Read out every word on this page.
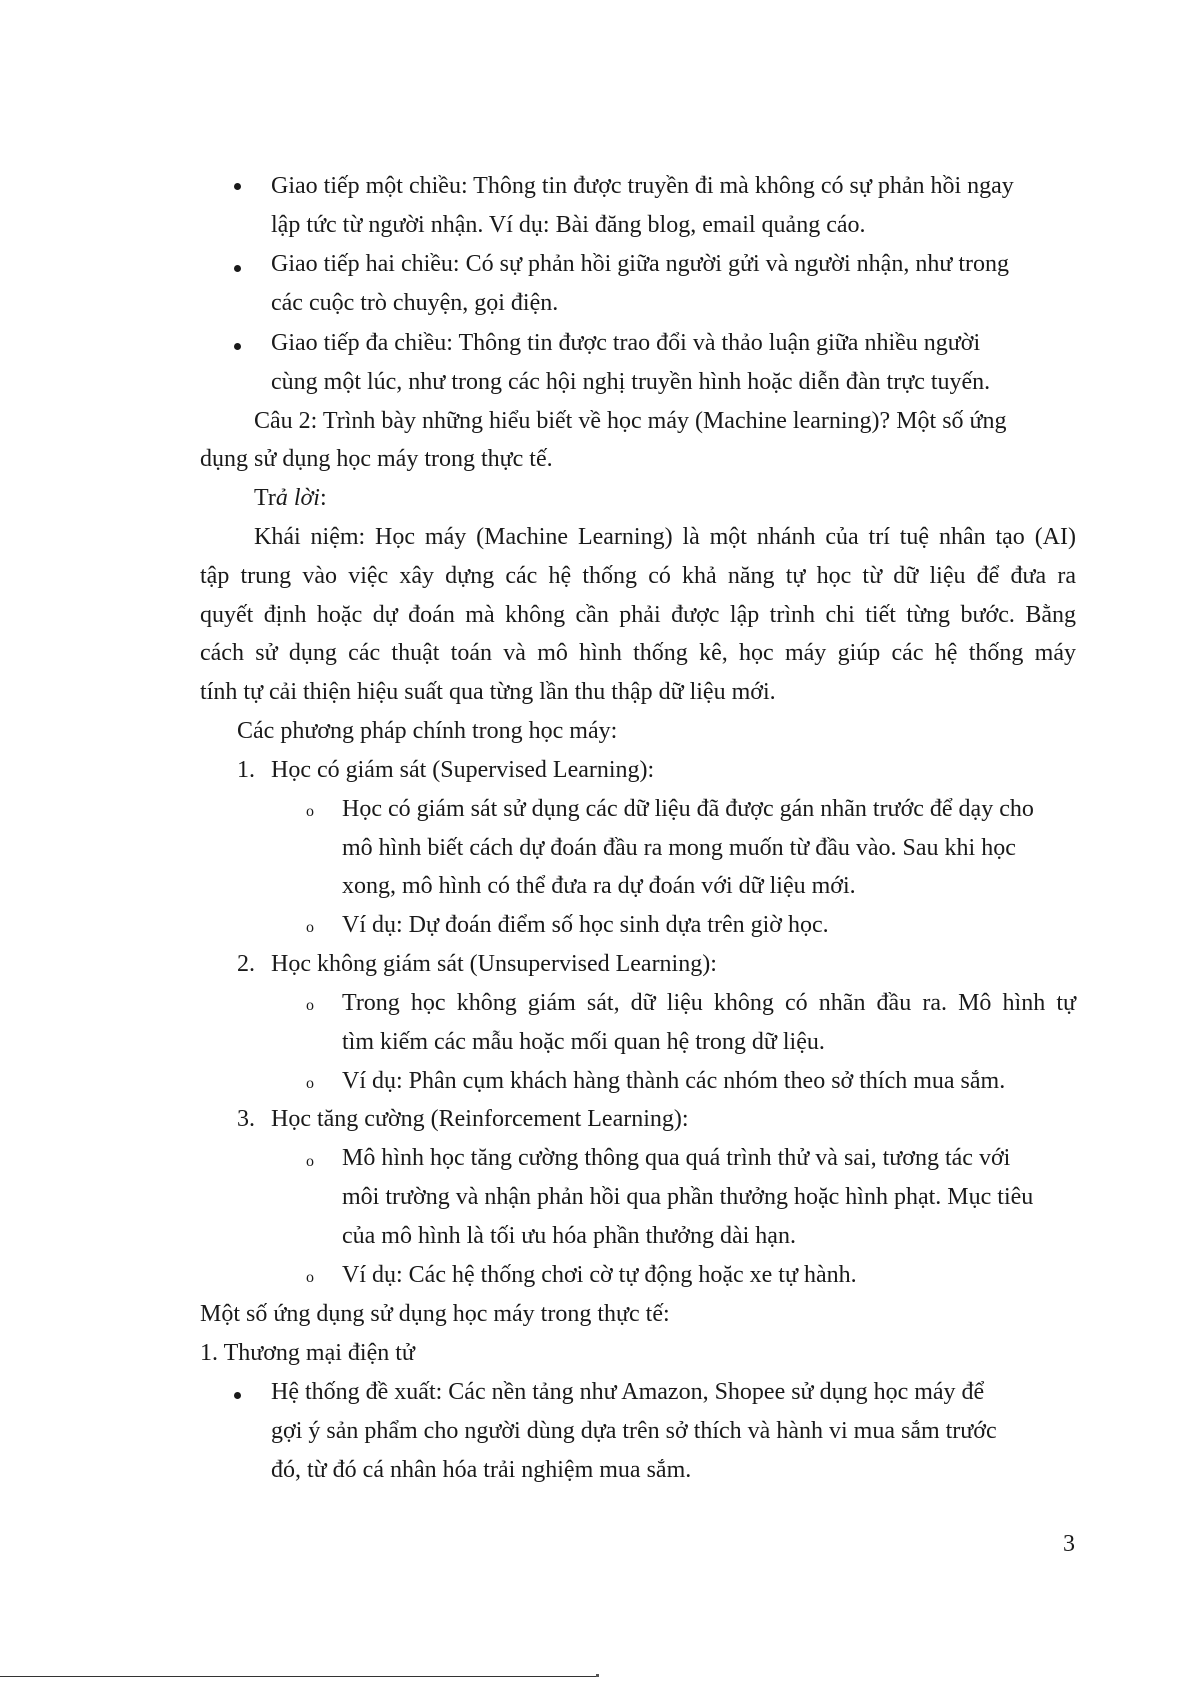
Giao tiếp một chiều: Thông tin được truyền đi mà không có sự phản hồi ngay
lập tức từ người nhận. Ví dụ: Bài đăng blog, email quảng cáo.
Giao tiếp hai chiều: Có sự phản hồi giữa người gửi và người nhận, như trong
các cuộc trò chuyện, gọi điện.
Giao tiếp đa chiều: Thông tin được trao đổi và thảo luận giữa nhiều người
cùng một lúc, như trong các hội nghị truyền hình hoặc diễn đàn trực tuyến.
Câu 2: Trình bày những hiểu biết về học máy (Machine learning)? Một số ứng
dụng sử dụng học máy trong thực tế.
Trả lời:
Khái niệm: Học máy (Machine Learning) là một nhánh của trí tuệ nhân tạo (AI)
tập trung vào việc xây dựng các hệ thống có khả năng tự học từ dữ liệu để đưa ra
quyết định hoặc dự đoán mà không cần phải được lập trình chi tiết từng bước. Bằng
cách sử dụng các thuật toán và mô hình thống kê, học máy giúp các hệ thống máy
tính tự cải thiện hiệu suất qua từng lần thu thập dữ liệu mới.
Các phương pháp chính trong học máy:
1. Học có giám sát (Supervised Learning):
o Học có giám sát sử dụng các dữ liệu đã được gán nhãn trước để dạy cho
mô hình biết cách dự đoán đầu ra mong muốn từ đầu vào. Sau khi học
xong, mô hình có thể đưa ra dự đoán với dữ liệu mới.
o Ví dụ: Dự đoán điểm số học sinh dựa trên giờ học.
2. Học không giám sát (Unsupervised Learning):
o Trong học không giám sát, dữ liệu không có nhãn đầu ra. Mô hình tự
tìm kiếm các mẫu hoặc mối quan hệ trong dữ liệu.
o Ví dụ: Phân cụm khách hàng thành các nhóm theo sở thích mua sắm.
3. Học tăng cường (Reinforcement Learning):
o Mô hình học tăng cường thông qua quá trình thử và sai, tương tác với
môi trường và nhận phản hồi qua phần thưởng hoặc hình phạt. Mục tiêu
của mô hình là tối ưu hóa phần thưởng dài hạn.
o Ví dụ: Các hệ thống chơi cờ tự động hoặc xe tự hành.
Một số ứng dụng sử dụng học máy trong thực tế:
1. Thương mại điện tử
Hệ thống đề xuất: Các nền tảng như Amazon, Shopee sử dụng học máy để
gợi ý sản phẩm cho người dùng dựa trên sở thích và hành vi mua sắm trước
đó, từ đó cá nhân hóa trải nghiệm mua sắm.
3
